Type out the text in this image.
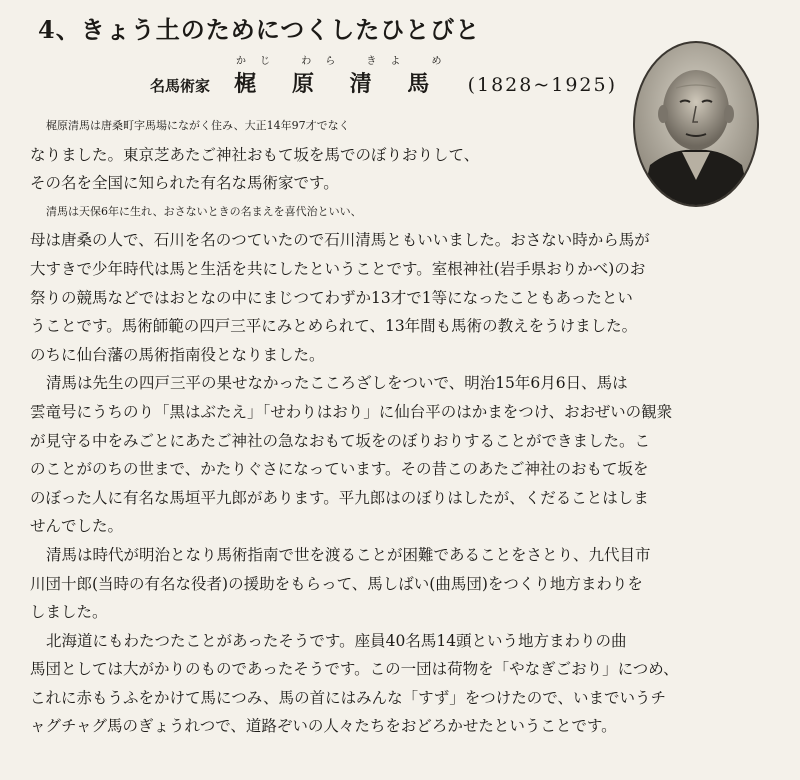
4、きょう土のためにつくしたひとびと
名馬術家
かじ わら きよ め
梶 原 清 馬 (1828~1925)
梶原清馬は唐桑町字馬場にながく住み、大正14年97才でなく
なりました。東京芝あたご神社おもて坂を馬でのぼりおりして、
その名を全国に知られた有名な馬術家です。
清馬は天保6年に生れ、おさないときの名まえを喜代治といい、
母は唐桑の人で、石川を名のつていたので石川清馬ともいいました。おさない時から馬が
大すきで少年時代は馬と生活を共にしたということです。室根神社(岩手県おりかべ)のお
祭りの競馬などではおとなの中にまじつてわずか13才で1等になったこともあったとい
うことです。馬術師範の四戸三平にみとめられて、13年間も馬術の教えをうけました。
のちに仙台藩の馬術指南役となりました。
清馬は先生の四戸三平の果せなかったこころざしをついで、明治15年6月6日、馬は
雲竜号にうちのり「黒はぶたえ」「せわりはおり」に仙台平のはかまをつけ、おおぜいの観衆
が見守る中をみごとにあたご神社の急なおもて坂をのぼりおりすることができました。こ
のことがのちの世まで、かたりぐさになっています。その昔このあたご神社のおもて坂を
のぼった人に有名な馬垣平九郎があります。平九郎はのぼりはしたが、くだることはしま
せんでした。
清馬は時代が明治となり馬術指南で世を渡ることが困難であることをさとり、九代目市
川団十郎(当時の有名な役者)の援助をもらって、馬しばい(曲馬団)をつくり地方まわりを
しました。
北海道にもわたつたことがあったそうです。座員40名馬14頭という地方まわりの曲
馬団としては大がかりのものであったそうです。この一団は荷物を「やなぎごおり」につめ、
これに赤もうふをかけて馬につみ、馬の首にはみんな「すず」をつけたので、いまでいうチ
ャグチャグ馬のぎょうれつで、道路ぞいの人々たちをおどろかせたということです。
